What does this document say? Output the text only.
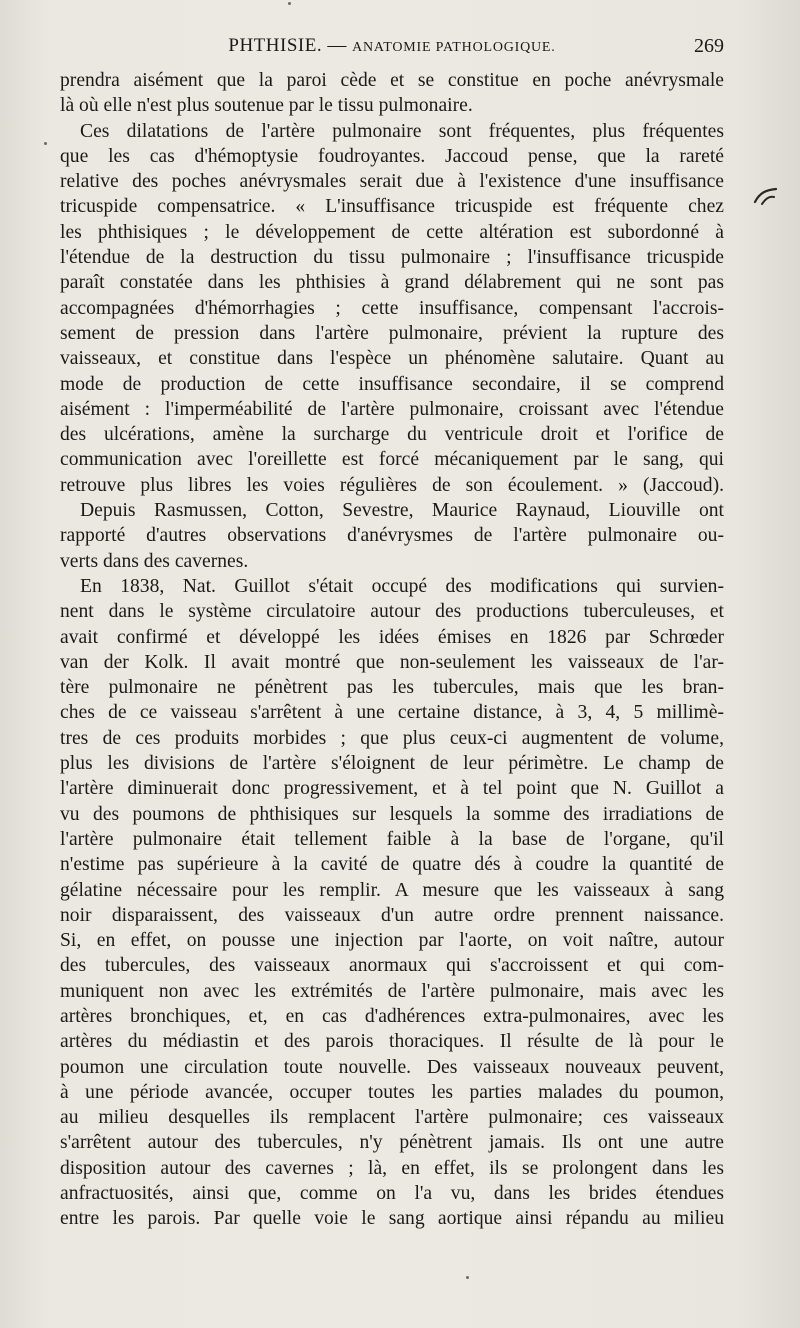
PHTHISIE. — ANATOMIE PATHOLOGIQUE.	269
prendra aisément que la paroi cède et se constitue en poche anévrysmale
là où elle n'est plus soutenue par le tissu pulmonaire.
Ces dilatations de l'artère pulmonaire sont fréquentes, plus fréquentes
que les cas d'hémoptysie foudroyantes. Jaccoud pense, que la rareté
relative des poches anévrysmales serait due à l'existence d'une insuffisance
tricuspide compensatrice. « L'insuffisance tricuspide est fréquente chez
les phthisiques ; le développement de cette altération est subordonné à
l'étendue de la destruction du tissu pulmonaire ; l'insuffisance tricuspide
paraît constatée dans les phthisies à grand délabrement qui ne sont pas
accompagnées d'hémorrhagies ; cette insuffisance, compensant l'accrois-
sement de pression dans l'artère pulmonaire, prévient la rupture des
vaisseaux, et constitue dans l'espèce un phénomène salutaire. Quant au
mode de production de cette insuffisance secondaire, il se comprend
aisément : l'imperméabilité de l'artère pulmonaire, croissant avec l'étendue
des ulcérations, amène la surcharge du ventricule droit et l'orifice de
communication avec l'oreillette est forcé mécaniquement par le sang, qui
retrouve plus libres les voies régulières de son écoulement. » (Jaccoud).
Depuis Rasmussen, Cotton, Sevestre, Maurice Raynaud, Liouville ont
rapporté d'autres observations d'anévrysmes de l'artère pulmonaire ou-
verts dans des cavernes.
En 1838, Nat. Guillot s'était occupé des modifications qui survien-
nent dans le système circulatoire autour des productions tuberculeuses, et
avait confirmé et développé les idées émises en 1826 par Schrœder
van der Kolk. Il avait montré que non-seulement les vaisseaux de l'ar-
tère pulmonaire ne pénètrent pas les tubercules, mais que les bran-
ches de ce vaisseau s'arrêtent à une certaine distance, à 3, 4, 5 millimè-
tres de ces produits morbides ; que plus ceux-ci augmentent de volume,
plus les divisions de l'artère s'éloignent de leur périmètre. Le champ de
l'artère diminuerait donc progressivement, et à tel point que N. Guillot a
vu des poumons de phthisiques sur lesquels la somme des irradiations de
l'artère pulmonaire était tellement faible à la base de l'organe, qu'il
n'estime pas supérieure à la cavité de quatre dés à coudre la quantité de
gélatine nécessaire pour les remplir. A mesure que les vaisseaux à sang
noir disparaissent, des vaisseaux d'un autre ordre prennent naissance.
Si, en effet, on pousse une injection par l'aorte, on voit naître, autour
des tubercules, des vaisseaux anormaux qui s'accroissent et qui com-
muniquent non avec les extrémités de l'artère pulmonaire, mais avec les
artères bronchiques, et, en cas d'adhérences extra-pulmonaires, avec les
artères du médiastin et des parois thoraciques. Il résulte de là pour le
poumon une circulation toute nouvelle. Des vaisseaux nouveaux peuvent,
à une période avancée, occuper toutes les parties malades du poumon,
au milieu desquelles ils remplacent l'artère pulmonaire; ces vaisseaux
s'arrêtent autour des tubercules, n'y pénètrent jamais. Ils ont une autre
disposition autour des cavernes ; là, en effet, ils se prolongent dans les
anfractuosités, ainsi que, comme on l'a vu, dans les brides étendues
entre les parois. Par quelle voie le sang aortique ainsi répandu au milieu
